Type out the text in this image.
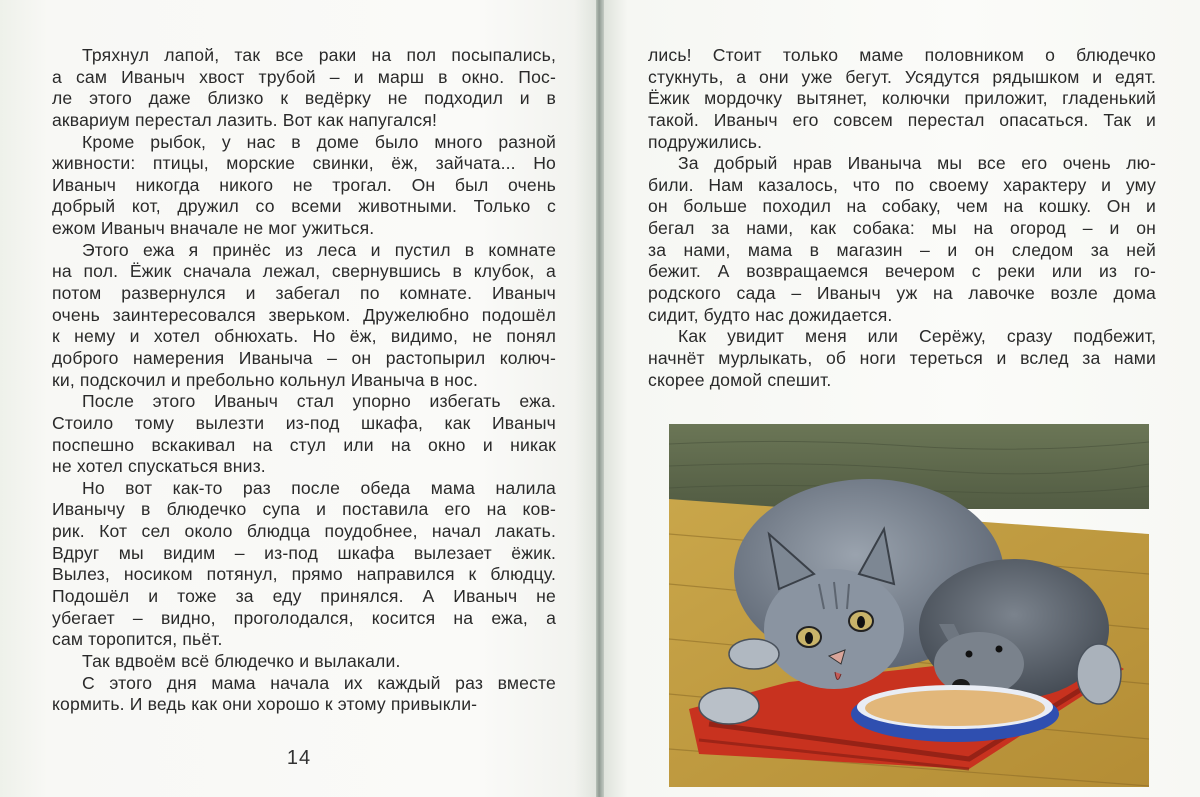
Тряхнул лапой, так все раки на пол посыпались,
а сам Иваныч хвост трубой – и марш в окно. Пос-
ле этого даже близко к ведёрку не подходил и в
аквариум перестал лазить. Вот как напугался!
Кроме рыбок, у нас в доме было много разной
живности: птицы, морские свинки, ёж, зайчата... Но
Иваныч никогда никого не трогал. Он был очень
добрый кот, дружил со всеми животными. Только с
ежом Иваныч вначале не мог ужиться.
Этого ежа я принёс из леса и пустил в комнате
на пол. Ёжик сначала лежал, свернувшись в клубок, а
потом развернулся и забегал по комнате. Иваныч
очень заинтересовался зверьком. Дружелюбно подошёл
к нему и хотел обнюхать. Но ёж, видимо, не понял
доброго намерения Иваныча – он растопырил колюч-
ки, подскочил и пребольно кольнул Иваныча в нос.
После этого Иваныч стал упорно избегать ежа.
Стоило тому вылезти из-под шкафа, как Иваныч
поспешно вскакивал на стул или на окно и никак
не хотел спускаться вниз.
Но вот как-то раз после обеда мама налила
Иванычу в блюдечко супа и поставила его на ков-
рик. Кот сел около блюдца поудобнее, начал лакать.
Вдруг мы видим – из-под шкафа вылезает ёжик.
Вылез, носиком потянул, прямо направился к блюдцу.
Подошёл и тоже за еду принялся. А Иваныч не
убегает – видно, проголодался, косится на ежа, а
сам торопится, пьёт.
Так вдвоём всё блюдечко и вылакали.
С этого дня мама начала их каждый раз вместе
кормить. И ведь как они хорошо к этому привыкли-
14
лись! Стоит только маме половником о блюдечко
стукнуть, а они уже бегут. Усядутся рядышком и едят.
Ёжик мордочку вытянет, колючки приложит, гладенький
такой. Иваныч его совсем перестал опасаться. Так и
подружились.
За добрый нрав Иваныча мы все его очень лю-
били. Нам казалось, что по своему характеру и уму
он больше походил на собаку, чем на кошку. Он и
бегал за нами, как собака: мы на огород – и он
за нами, мама в магазин – и он следом за ней
бежит. А возвращаемся вечером с реки или из го-
родского сада – Иваныч уж на лавочке возле дома
сидит, будто нас дожидается.
Как увидит меня или Серёжу, сразу подбежит,
начнёт мурлыкать, об ноги тереться и вслед за нами
скорее домой спешит.
